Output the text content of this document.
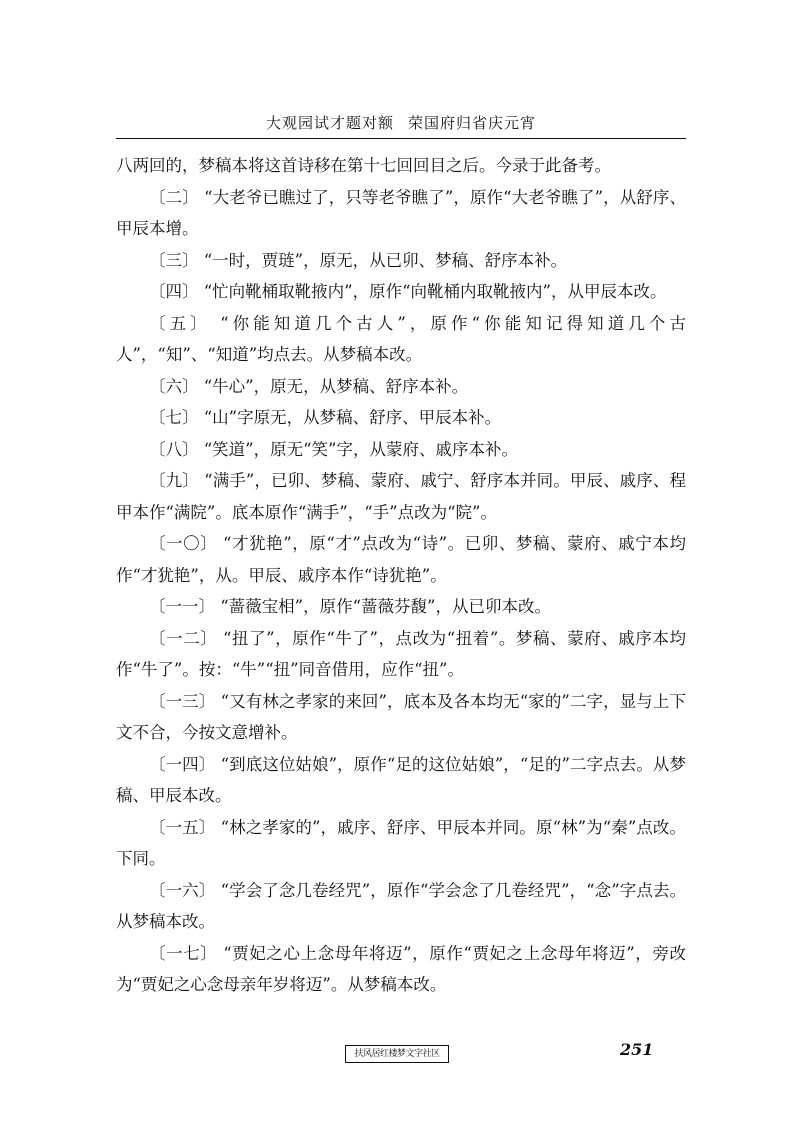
大观园试才题对额 荣国府归省庆元宵

八两回的，梦稿本将这首诗移在第十七回回目之后。今录于此备考。

〔二〕 “大老爷已瞧过了，只等老爷瞧了”，原作“大老爷瞧了”，从舒序、甲辰本增。

〔三〕 “一时，贾琏”，原无，从已卯、梦稿、舒序本补。

〔四〕 “忙向靴桶取靴掖内”，原作“向靴桶内取靴掖内”，从甲辰本改。

〔五〕 “你能知道几个古人”，原作“你能知记得知道几个古人”，“知”、“知道”均点去。从梦稿本改。

〔六〕 “牛心”，原无，从梦稿、舒序本补。

〔七〕 “山”字原无，从梦稿、舒序、甲辰本补。

〔八〕 “笑道”，原无“笑”字，从蒙府、戚序本补。

〔九〕 “满手”，已卯、梦稿、蒙府、戚宁、舒序本并同。甲辰、戚序、程甲本作“满院”。底本原作“满手”，“手”点改为“院”。

〔一〇〕 “才犹艳”，原“才”点改为“诗”。已卯、梦稿、蒙府、戚宁本均作“才犹艳”，从。甲辰、戚序本作“诗犹艳”。

〔一一〕 “蔷薇宝相”，原作“蔷薇芬馥”，从已卯本改。

〔一二〕 “扭了”，原作“牛了”，点改为“扭着”。梦稿、蒙府、戚序本均作“牛了”。按：“牛”“扭”同音借用，应作“扭”。

〔一三〕 “又有林之孝家的来回”，底本及各本均无“家的”二字，显与上下文不合，今按文意增补。

〔一四〕 “到底这位姑娘”，原作“足的这位姑娘”，“足的”二字点去。从梦稿、甲辰本改。

〔一五〕 “林之孝家的”，戚序、舒序、甲辰本并同。原“林”为“秦”点改。下同。

〔一六〕 “学会了念几卷经咒”，原作“学会念了几卷经咒”，“念”字点去。从梦稿本改。

〔一七〕 “贾妃之心上念母年将迈”，原作“贾妃之上念母年将迈”，旁改为“贾妃之心念母亲年岁将迈”。从梦稿本改。

扶风居红楼梦文字社区	251
